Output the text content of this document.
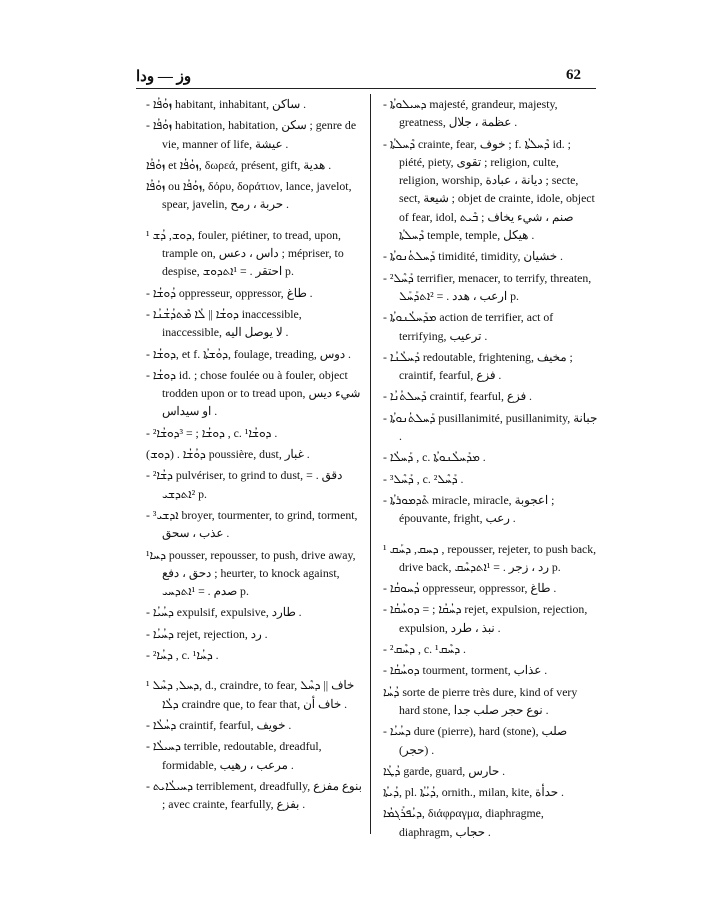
62
وز — ودا

- ܙܘܳܦܳܐ habitant, inhabitant, ساكن .

- ܙܘܳܦܳܐ habitation, habitation, سكن ; genre de vie, manner of life, عيشة .

ܙܘܳܦܳܐ et ܙܘܳܦܳܐ, δωρεά, présent, gift, هدية .

ܙܘܳܦܳܐ ou ܙܘܳܦܳܐ, δόρυ, δοράτιον, lance, javelot, spear, javelin, حربة ، رمح .

¹ ܕܘܫ, ܕܳܫ, fouler, piétiner, to tread, upon, trample on, داس ، دعس ; mépriser, to despise, احتقر . = ¹ܐܬܕܘܫ p.

- ܕܳܘܫܳܐ oppresseur, oppressor, طاغ .

- ܕܘܫܳܐ || ܠܳܐ ܡܶܬܕܳܫܳܢܳܐ inaccessible, inaccessible, لا يوصل اليه .

- ܕܘܫܳܐ, et f. ܕܘܳܫܬܳܐ, foulage, treading, دوس .

- ܕܘܫܳܐ id. ; chose foulée ou à fouler, object trodden upon or to tread upon, شيء ديس او سيداس .

- ²ܕܘܫܳܐ ; = ³ܕܘܫܳܐ , c. ¹ܕܘܫܳܐ .

(ܕܘܫ) . ܕܘܳܫܳܐ poussière, dust, غبار .

- ²ܕܫܳܐ pulvériser, to grind to dust, دقق . = ²ܐܬܕܫܝ p.

- ³ܐܕܫܝ broyer, tourmenter, to grind, torment, عذب ، سحق .

¹ܕܚܐ pousser, repousser, to push, drive away, دحق ، دفع ; heurter, to knock against, صدم . = ¹ܐܬܕܚܝ p.

- ܕܚܳܝܳܐ expulsif, expulsive, طارد .

- ܕܚܳܝܳܐ rejet, rejection, رد .

- ²ܕܚܳܐ , c. ¹ܕܚܳܐ .

¹ ܕܚܠ, ܕܚܶܠ, d., craindre, to fear, خاف || ܕܚܶܠ ܕܠܳܐ craindre que, to fear that, خاف أن .

- ܕܚܳܠܳܐ craintif, fearful, خويف .

- ܕܚܝܠܳܐ terrible, redoutable, dreadful, formidable, مرعب ، رهيب .

- ܕܚܝܠܳܐܝܬ terriblement, dreadfully, بنوع مفزع ; avec crainte, fearfully, بفزع .

- ܕܚܝܠܘܬܳܐ majesté, grandeur, majesty, greatness, عظمة ، جلال .

- ܕܶܚܠܬܳܐ crainte, fear, خوف ; f. ܕܶܚܠܬܳܐ id. ; piété, piety, تقوى ; religion, culte, religion, worship, ديانة ، عبادة ; secte, sect, شيعة ; objet de crainte, idole, object of fear, idol, صنم ، شيء يخاف ; ܒܶܝܬ ܕܶܚܠܬܳܐ temple, temple, هيكل .

- ܕܰܚܠܬܳܢܘܬܳܐ timidité, timidity, خشيان .

- ²ܕܰܚܶܠ terrifier, menacer, to terrify, threaten, ارعب ، هدد . = ²ܐܬܕܰܚܰܠ p.

- ܡܕܰܚܠܳܢܘܬܳܐ action de terrifier, act of terrifying, ترعيب .

- ܕܰܚܠܳܢܳܐ redoutable, frightening, مخيف ; craintif, fearful, فزع .

- ܕܰܚܠܬܳܢܳܐ craintif, fearful, فزع .

- ܕܰܚܠܬܳܢܘܬܳܐ pusillanimité, pusillanimity, جبانة .

- ܕܰܚܠܳܐ , c. ܡܕܰܚܠܳܢܘܬܳܐ .

- ³ܕܰܚܶܠ , c. ²ܕܰܚܶܠ .

- ܬܶܕܡܘܪܬܳܐ miracle, miracle, اعجوبة ; épouvante, fright, رعب .

¹ ܕܚܩ, ܕܚܰܩ , repousser, rejeter, to push back, drive back, رد ، زجر . = ¹ܐܬܕܚܶܩ p.

- ܕܳܚܘܩܳܐ oppresseur, oppressor, طاغ .

- ܕܚܳܩܳܐ ; = ܕܘܚܳܩܳܐ rejet, expulsion, rejection, expulsion, نبذ ، طرد .

- ²ܕܚܶܩ , c. ¹ܕܚܶܩ .

- ܕܘܚܳܩܳܐ tourment, torment, عذاب .

ܕܳܚܳܐ sorte de pierre très dure, kind of very hard stone, نوع حجر صلب جدا .

- ܕܚܳܝܳܐ dure (pierre), hard (stone), صلب (حجر) .

ܕܳܛܳܐ garde, guard, حارس .

ܕܳܝܬܳܐ, pl. ܕܳܝܳܬܳܐ, ornith., milan, kite, حدأة .

ܕܝܳܦܪܰܓܡܳܐ, διάφραγμα, diaphragme, diaphragm, حجاب .
